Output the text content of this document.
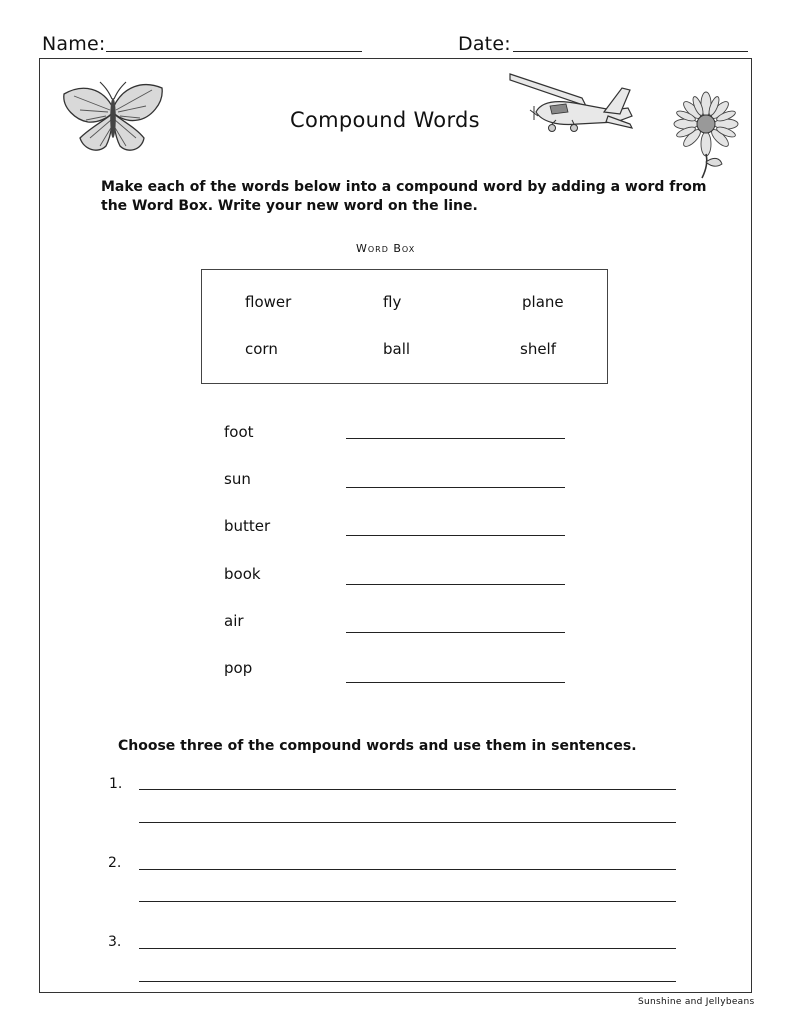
Name:	Date:
Compound Words
Make each of the words below into a compound word by adding a word from the Word Box. Write your new word on the line.
Word Box
flower	fly	plane
corn	ball	shelf
foot
sun
butter
book
air
pop
Choose three of the compound words and use them in sentences.
1.
2.
3.
Sunshine and Jellybeans
